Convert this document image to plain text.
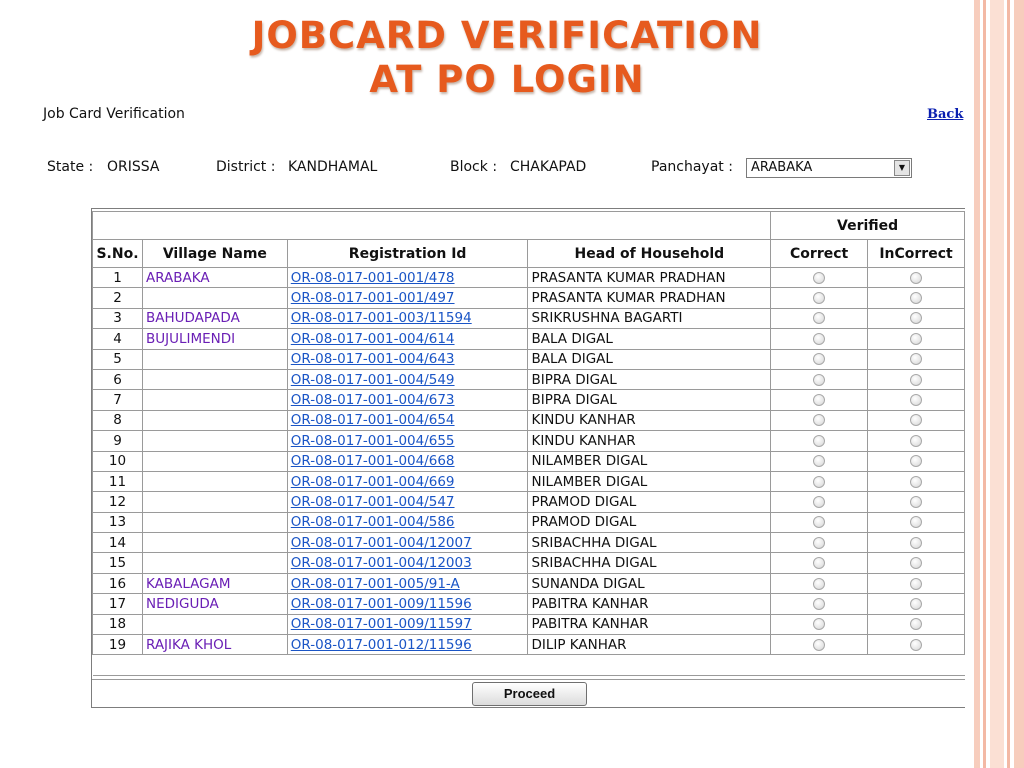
JOBCARD VERIFICATION
AT PO LOGIN
Job Card Verification	Back
State : ORISSA	District : KANDHAMAL	Block : CHAKAPAD	Panchayat : ARABAKA	▼
				Verified	
S.No.	Village Name	Registration Id	Head of Household	Correct	InCorrect
1	ARABAKA	OR-08-017-001-001/478	PRASANTA KUMAR PRADHAN		
2		OR-08-017-001-001/497	PRASANTA KUMAR PRADHAN		
3	BAHUDAPADA	OR-08-017-001-003/11594	SRIKRUSHNA BAGARTI		
4	BUJULIMENDI	OR-08-017-001-004/614	BALA DIGAL		
5		OR-08-017-001-004/643	BALA DIGAL		
6		OR-08-017-001-004/549	BIPRA DIGAL		
7		OR-08-017-001-004/673	BIPRA DIGAL		
8		OR-08-017-001-004/654	KINDU KANHAR		
9		OR-08-017-001-004/655	KINDU KANHAR		
10		OR-08-017-001-004/668	NILAMBER DIGAL		
11		OR-08-017-001-004/669	NILAMBER DIGAL		
12		OR-08-017-001-004/547	PRAMOD DIGAL		
13		OR-08-017-001-004/586	PRAMOD DIGAL		
14		OR-08-017-001-004/12007	SRIBACHHA DIGAL		
15		OR-08-017-001-004/12003	SRIBACHHA DIGAL		
16	KABALAGAM	OR-08-017-001-005/91-A	SUNANDA DIGAL		
17	NEDIGUDA	OR-08-017-001-009/11596	PABITRA KANHAR		
18		OR-08-017-001-009/11597	PABITRA KANHAR		
19	RAJIKA KHOL	OR-08-017-001-012/11596	DILIP KANHAR		

Proceed
